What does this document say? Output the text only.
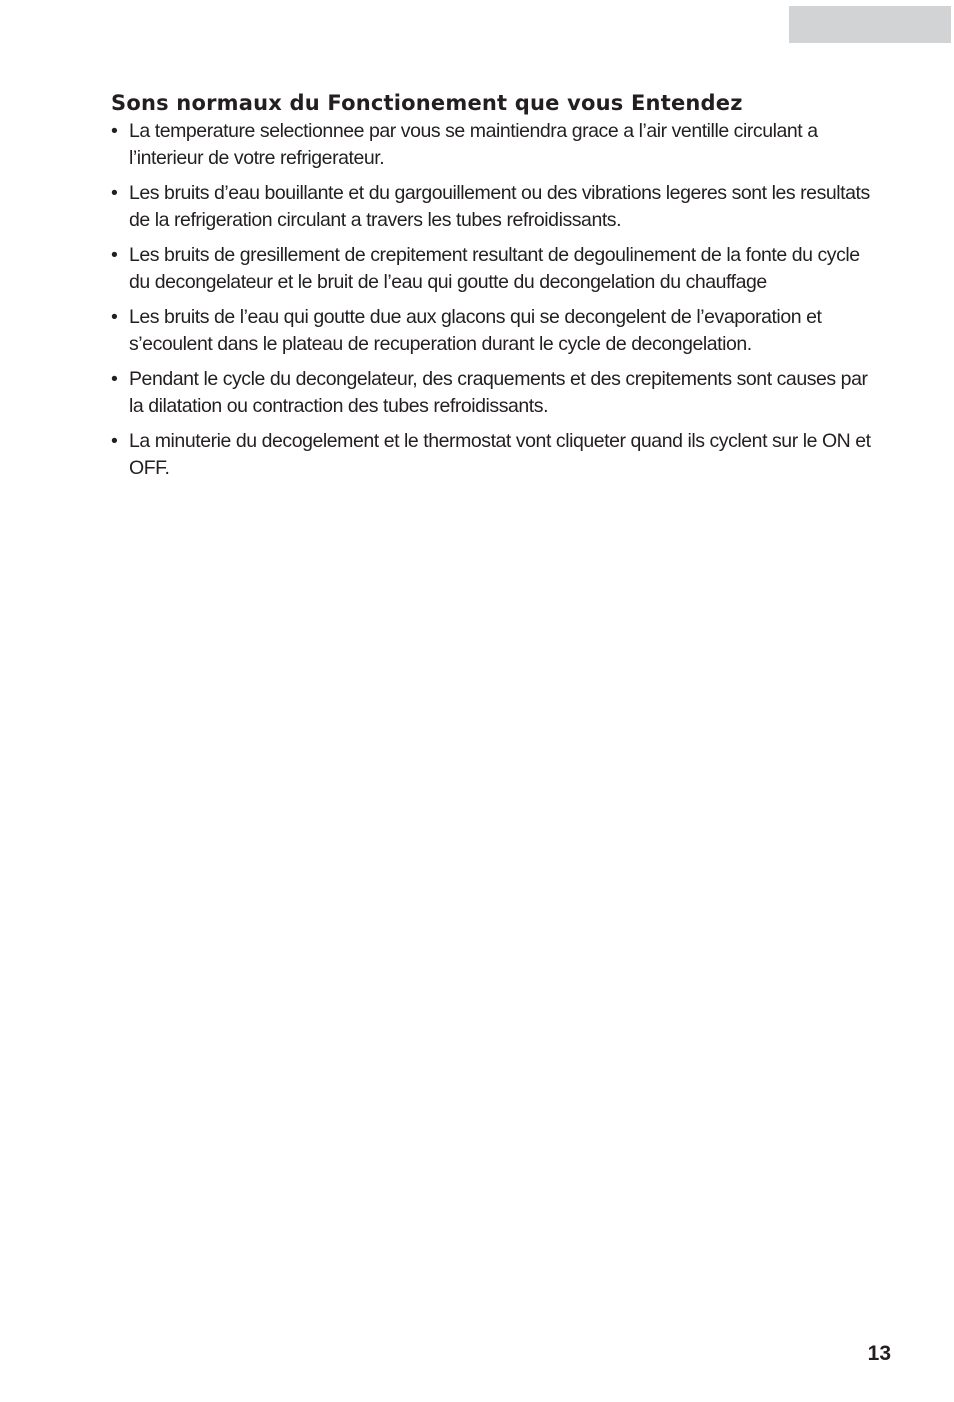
Sons normaux du Fonctionement que vous Entendez
• La temperature selectionnee par vous se maintiendra grace a l’air ventille circulant a l’interieur de votre refrigerateur.
• Les bruits d’eau bouillante et du gargouillement ou des vibrations legeres sont les resultats de la refrigeration circulant a travers les tubes refroidissants.
• Les bruits de gresillement de crepitement resultant de degoulinement de la fonte du cycle du decongelateur et le bruit de l’eau qui goutte du decongelation du chauffage
• Les bruits de l’eau qui goutte due aux glacons qui se decongelent de l’evaporation et s’ecoulent dans le plateau de recuperation durant le cycle de decongelation.
• Pendant le cycle du decongelateur, des craquements et des crepitements sont causes par la dilatation ou contraction des tubes refroidissants.
• La minuterie du decogelement et le thermostat vont cliqueter quand ils cyclent sur le ON et OFF.
13
